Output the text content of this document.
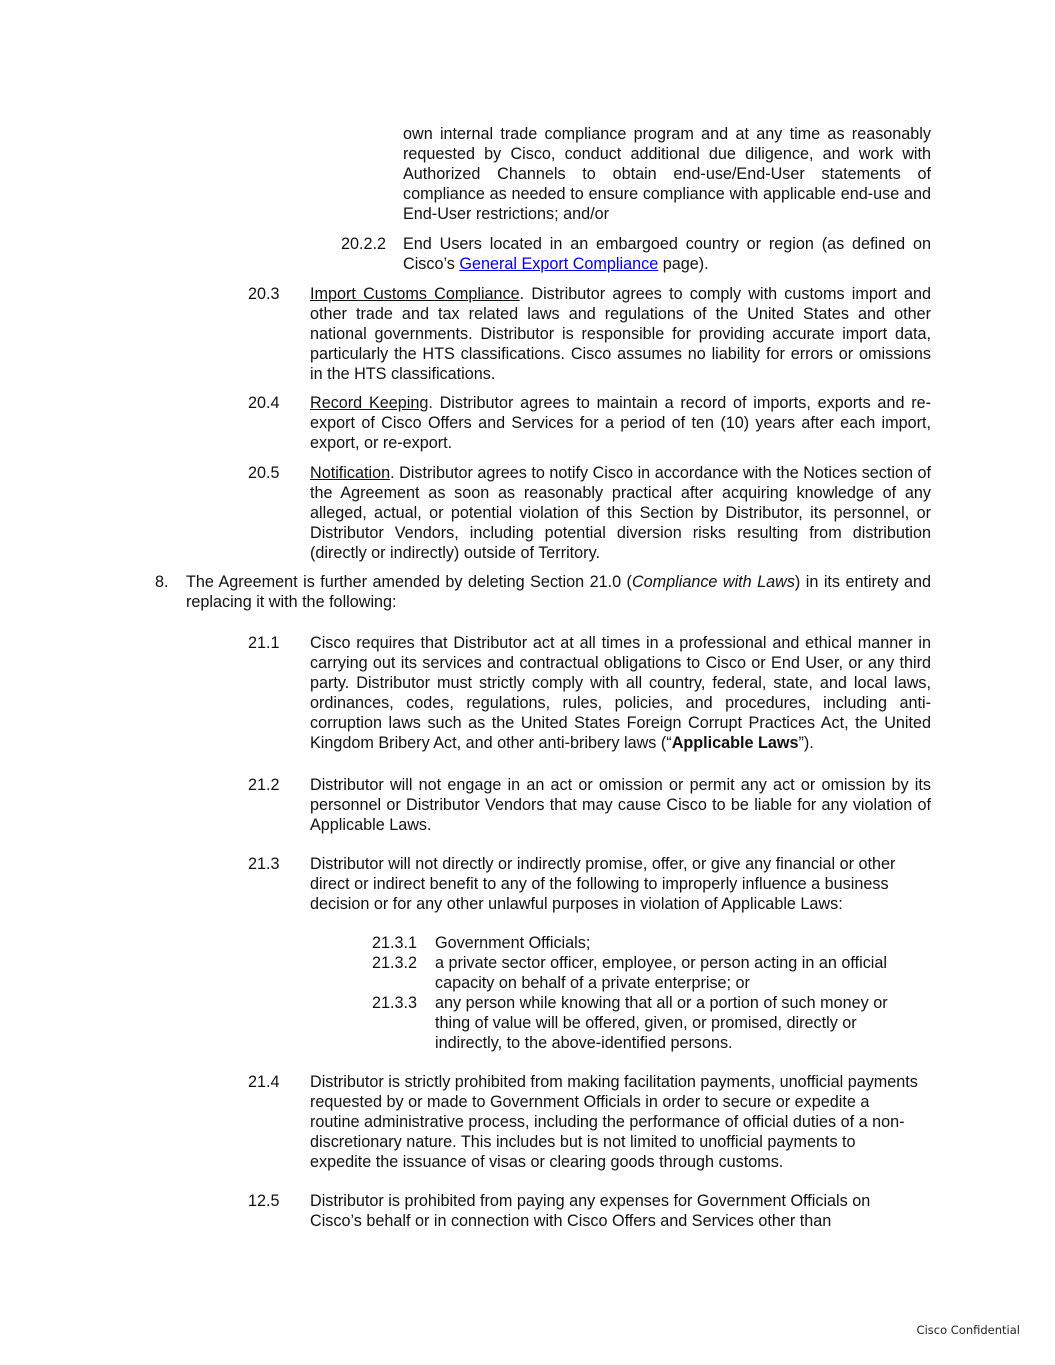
own internal trade compliance program and at any time as reasonably requested by Cisco, conduct additional due diligence, and work with Authorized Channels to obtain end-use/End-User statements of compliance as needed to ensure compliance with applicable end-use and End-User restrictions; and/or

20.2.2 End Users located in an embargoed country or region (as defined on Cisco’s General Export Compliance page).

20.3 Import Customs Compliance. Distributor agrees to comply with customs import and other trade and tax related laws and regulations of the United States and other national governments. Distributor is responsible for providing accurate import data, particularly the HTS classifications. Cisco assumes no liability for errors or omissions in the HTS classifications.

20.4 Record Keeping. Distributor agrees to maintain a record of imports, exports and re-export of Cisco Offers and Services for a period of ten (10) years after each import, export, or re-export.

20.5 Notification. Distributor agrees to notify Cisco in accordance with the Notices section of the Agreement as soon as reasonably practical after acquiring knowledge of any alleged, actual, or potential violation of this Section by Distributor, its personnel, or Distributor Vendors, including potential diversion risks resulting from distribution (directly or indirectly) outside of Territory.

8. The Agreement is further amended by deleting Section 21.0 (Compliance with Laws) in its entirety and replacing it with the following:

21.1 Cisco requires that Distributor act at all times in a professional and ethical manner in carrying out its services and contractual obligations to Cisco or End User, or any third party. Distributor must strictly comply with all country, federal, state, and local laws, ordinances, codes, regulations, rules, policies, and procedures, including anti-corruption laws such as the United States Foreign Corrupt Practices Act, the United Kingdom Bribery Act, and other anti-bribery laws (“Applicable Laws”).

21.2 Distributor will not engage in an act or omission or permit any act or omission by its personnel or Distributor Vendors that may cause Cisco to be liable for any violation of Applicable Laws.

21.3 Distributor will not directly or indirectly promise, offer, or give any financial or other direct or indirect benefit to any of the following to improperly influence a business decision or for any other unlawful purposes in violation of Applicable Laws:

21.3.1 Government Officials;

21.3.2 a private sector officer, employee, or person acting in an official capacity on behalf of a private enterprise; or

21.3.3 any person while knowing that all or a portion of such money or thing of value will be offered, given, or promised, directly or indirectly, to the above-identified persons.

21.4 Distributor is strictly prohibited from making facilitation payments, unofficial payments requested by or made to Government Officials in order to secure or expedite a routine administrative process, including the performance of official duties of a non-discretionary nature. This includes but is not limited to unofficial payments to expedite the issuance of visas or clearing goods through customs.

12.5 Distributor is prohibited from paying any expenses for Government Officials on Cisco’s behalf or in connection with Cisco Offers and Services other than

Cisco Confidential
